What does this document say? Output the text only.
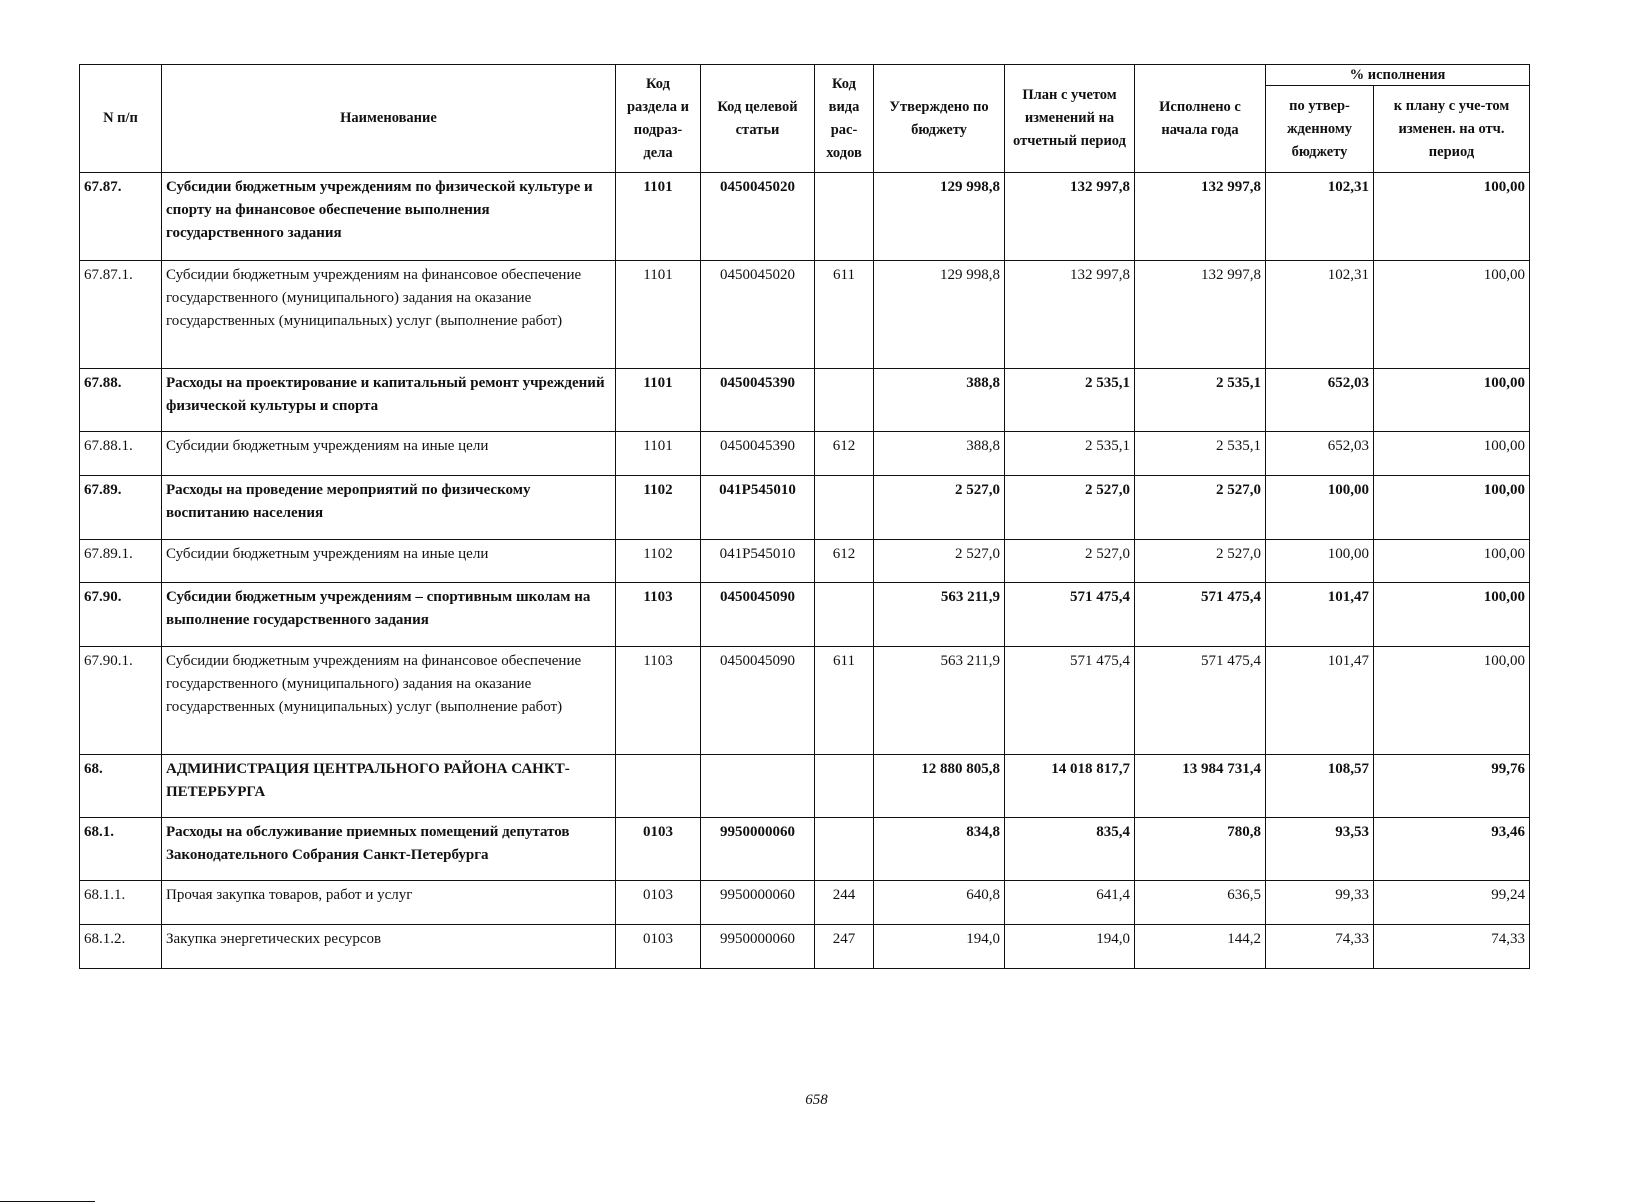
N п/п	Наименование	Код раздела и подраз-дела	Код целевой статьи	Код вида рас-ходов	Утверждено по бюджету	План с учетом изменений на отчетный период	Исполнено с начала года	% исполнения	
								по утвер-жденному бюджету	к плану с уче-том изменен. на отч. период
67.87.	Субсидии бюджетным учреждениям по физической культуре и спорту на финансовое обеспечение выполнения государственного задания	1101	0450045020		129 998,8	132 997,8	132 997,8	102,31	100,00
67.87.1.	Субсидии бюджетным учреждениям на финансовое обеспечение государственного (муниципального) задания на оказание государственных (муниципальных) услуг (выполнение работ)	1101	0450045020	611	129 998,8	132 997,8	132 997,8	102,31	100,00
67.88.	Расходы на проектирование и капитальный ремонт учреждений физической культуры и спорта	1101	0450045390		388,8	2 535,1	2 535,1	652,03	100,00
67.88.1.	Субсидии бюджетным учреждениям на иные цели	1101	0450045390	612	388,8	2 535,1	2 535,1	652,03	100,00
67.89.	Расходы на проведение мероприятий по физическому воспитанию населения	1102	041P545010		2 527,0	2 527,0	2 527,0	100,00	100,00
67.89.1.	Субсидии бюджетным учреждениям на иные цели	1102	041P545010	612	2 527,0	2 527,0	2 527,0	100,00	100,00
67.90.	Субсидии бюджетным учреждениям – спортивным школам на выполнение государственного задания	1103	0450045090		563 211,9	571 475,4	571 475,4	101,47	100,00
67.90.1.	Субсидии бюджетным учреждениям на финансовое обеспечение государственного (муниципального) задания на оказание государственных (муниципальных) услуг (выполнение работ)	1103	0450045090	611	563 211,9	571 475,4	571 475,4	101,47	100,00
68.	АДМИНИСТРАЦИЯ ЦЕНТРАЛЬНОГО РАЙОНА САНКТ-ПЕТЕРБУРГА				12 880 805,8	14 018 817,7	13 984 731,4	108,57	99,76
68.1.	Расходы на обслуживание приемных помещений депутатов Законодательного Собрания Санкт-Петербурга	0103	9950000060		834,8	835,4	780,8	93,53	93,46
68.1.1.	Прочая закупка товаров, работ и услуг	0103	9950000060	244	640,8	641,4	636,5	99,33	99,24
68.1.2.	Закупка энергетических ресурсов	0103	9950000060	247	194,0	194,0	144,2	74,33	74,33
658
